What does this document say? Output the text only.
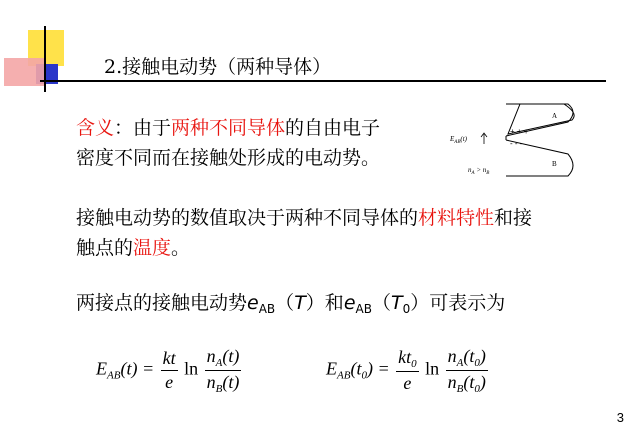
2.接触电动势（两种导体）
含义：由于两种不同导体的自由电子
密度不同而在接触处形成的电动势。
A
B
+ + +
- - -
$E_{AB}(t)$
$n_A > n_B$
接触电动势的数值取决于两种不同导体的材料特性和接
触点的温度。
两接点的接触电动势$e_{AB}(T)$和$e_{AB}(T_0)$可表示为
$E_{AB}(t) = \frac{kt}{e}$ $\ln \frac{n_A(t)}{n_B(t)}$	$E_{AB}(t_0) = \frac{kt_0}{e}$ $\ln \frac{n_A(t_0)}{n_B(t_0)}$
3
